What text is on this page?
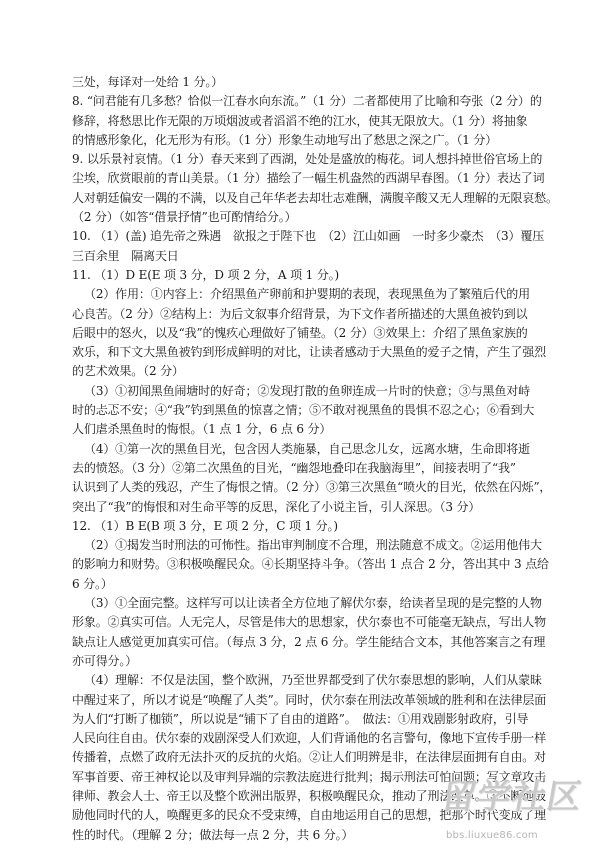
三处，每译对一处给 1 分。）

8. “问君能有几多愁？恰似一江春水向东流。”（1 分）二者都使用了比喻和夸张（2 分）的

修辞，将愁思比作无限的万顷烟波或者滔滔不绝的江水，使其无限放大。（1 分）将抽象

的情感形象化，化无形为有形。（1 分）形象生动地写出了愁思之深之广。（1 分）

9. 以乐景衬哀情。（1 分）春天来到了西湖，处处是盛放的梅花。词人想抖掉世俗官场上的

尘埃，欣赏眼前的青山美景。（1 分）描绘了一幅生机盎然的西湖早春图。（1 分）表达了词

人对朝廷偏安一隅的不满，以及自己年华老去却壮志难酬，满腹辛酸又无人理解的无限哀愁。

（2 分）（如答“借景抒情”也可酌情给分。）

10. （1）(盖) 追先帝之殊遇　欲报之于陛下也　（2）江山如画　一时多少豪杰　（3）覆压

三百余里　隔离天日

11. （1）D E(E 项 3 分，D 项 2 分，A 项 1 分。)

（2）作用：①内容上：介绍黑鱼产卵前和护婴期的表现，表现黑鱼为了繁殖后代的用

心良苦。（2 分）②结构上：为后文叙事介绍背景，为下文作者所描述的大黑鱼被钓到以

后眼中的怒火，以及“我”的愧疚心理做好了铺垫。（2 分）③效果上：介绍了黑鱼家族的

欢乐，和下文大黑鱼被钓到形成鲜明的对比，让读者感动于大黑鱼的爱子之情，产生了强烈

的艺术效果。（2 分）

（3）①初闻黑鱼闹塘时的好奇；②发现打散的鱼卵连成一片时的快意；③与黑鱼对峙

时的忐忑不安；④“我”钓到黑鱼的惊喜之情；⑤不敢对视黑鱼的畏惧不忍之心；⑥看到大

人们虐杀黑鱼时的悔恨。（1 点 1 分，6 点 6 分）

（4）①第一次的黑鱼目光，包含因人类施暴，自己思念儿女，远离水塘，生命即将逝

去的愤怒。（3 分）②第二次黑鱼的目光，“幽怨地叠印在我脑海里”，间接表明了“我”

认识到了人类的残忍，产生了悔恨之情。（2 分）③第三次黑鱼“喷火的目光，依然在闪烁”，

突出了“我”的悔恨和对生命平等的反思，深化了小说主旨，引人深思。（3 分）

12. （1）B E(B 项 3 分，E 项 2 分，C 项 1 分。)

（2）①揭发当时刑法的可怖性。指出审判制度不合理，刑法随意不成文。②运用他伟大

的影响力和财势。③积极唤醒民众。④长期坚持斗争。（答出 1 点合 2 分，答出其中 3 点给

6 分。）

（3）①全面完整。这样写可以让读者全方位地了解伏尔泰，给读者呈现的是完整的人物

形象。②真实可信。人无完人，尽管是伟大的思想家，伏尔泰也不可能毫无缺点，写出人物

缺点让人感觉更加真实可信。（每点 3 分，2 点 6 分。学生能结合文本，其他答案言之有理

亦可得分。）

（4）理解：不仅是法国，整个欧洲，乃至世界都受到了伏尔泰思想的影响，人们从蒙昧

中醒过来了，所以才说是“唤醒了人类”。同时，伏尔泰在刑法改革领域的胜利和在法律层面

为人们“打断了枷锁”，所以说是“铺下了自由的道路”。　做法：①用戏剧影射政府，引导

人民向往自由。伏尔泰的戏剧深受人们欢迎，人们背诵他的名言警句，像地下宣传手册一样

传播着，点燃了政府无法扑灭的反抗的火焰。②让人们明辨是非，在法律层面拥有自由。对

军事首要、帝王神权论以及审判异端的宗教法庭进行批判；揭示刑法可怕问题；写文章攻击

律师、教会人士、帝王以及整个欧洲出版界，积极唤醒民众，推动了刑法改革。③不断地鼓

励他同时代的人，唤醒更多的民众不受束缚，自由地运用自己的思想，把那个时代变成了理

性的时代。（理解 2 分；做法每一点 2 分，共 6 分。）

留学社区
bbs.liuxue86.com
